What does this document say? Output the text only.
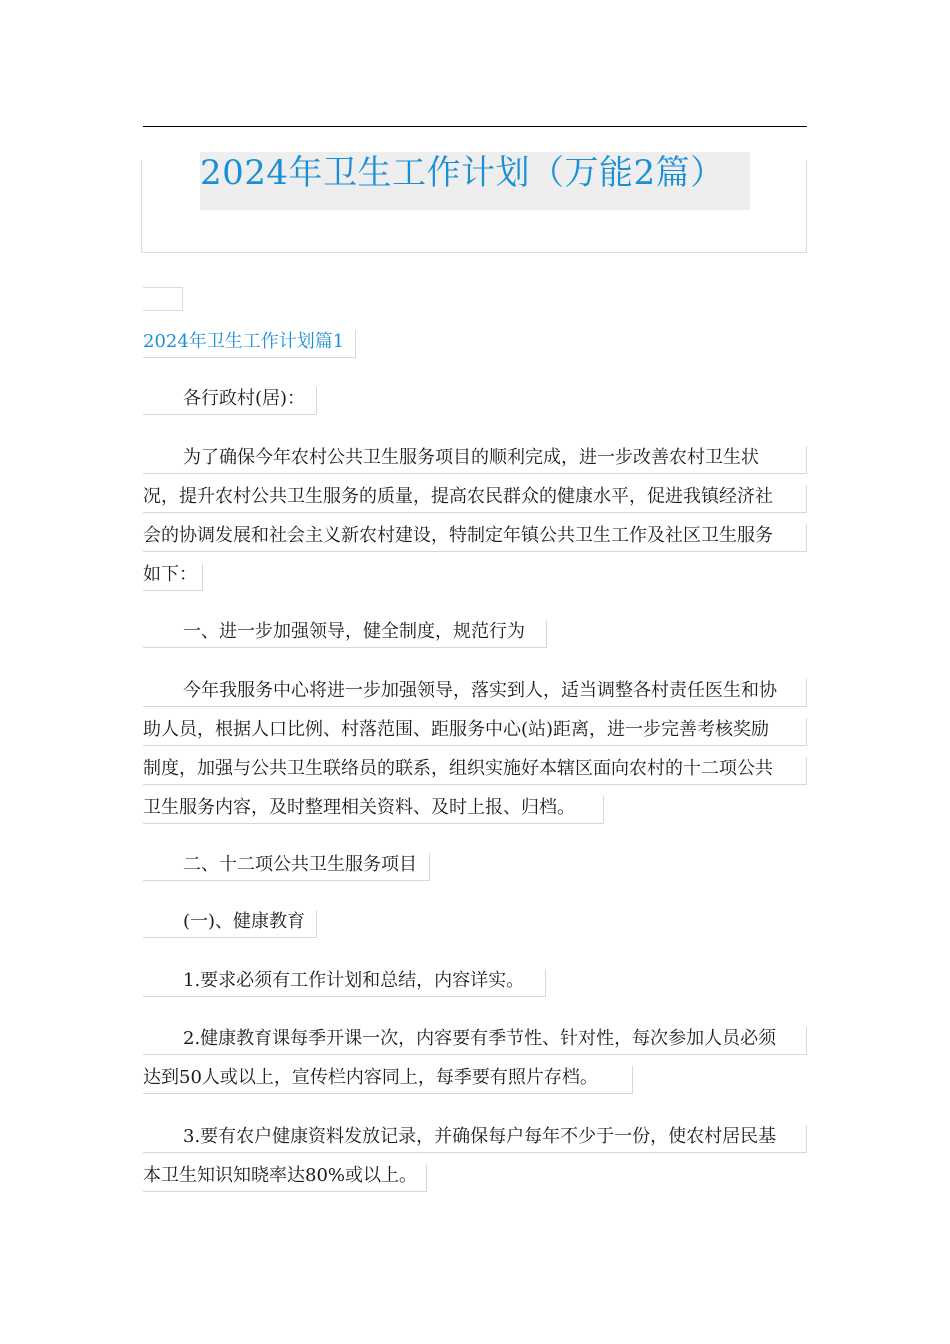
2024年卫生工作计划（万能2篇）
2024年卫生工作计划篇1
各行政村(居)：
为了确保今年农村公共卫生服务项目的顺利完成，进一步改善农村卫生状
况，提升农村公共卫生服务的质量，提高农民群众的健康水平，促进我镇经济社
会的协调发展和社会主义新农村建设，特制定年镇公共卫生工作及社区卫生服务
如下：
一、进一步加强领导，健全制度，规范行为
今年我服务中心将进一步加强领导，落实到人，适当调整各村责任医生和协
助人员，根据人口比例、村落范围、距服务中心(站)距离，进一步完善考核奖励
制度，加强与公共卫生联络员的联系，组织实施好本辖区面向农村的十二项公共
卫生服务内容，及时整理相关资料、及时上报、归档。
二、十二项公共卫生服务项目
(一)、健康教育
1.要求必须有工作计划和总结，内容详实。
2.健康教育课每季开课一次，内容要有季节性、针对性，每次参加人员必须
达到50人或以上，宣传栏内容同上，每季要有照片存档。
3.要有农户健康资料发放记录，并确保每户每年不少于一份，使农村居民基
本卫生知识知晓率达80%或以上。
